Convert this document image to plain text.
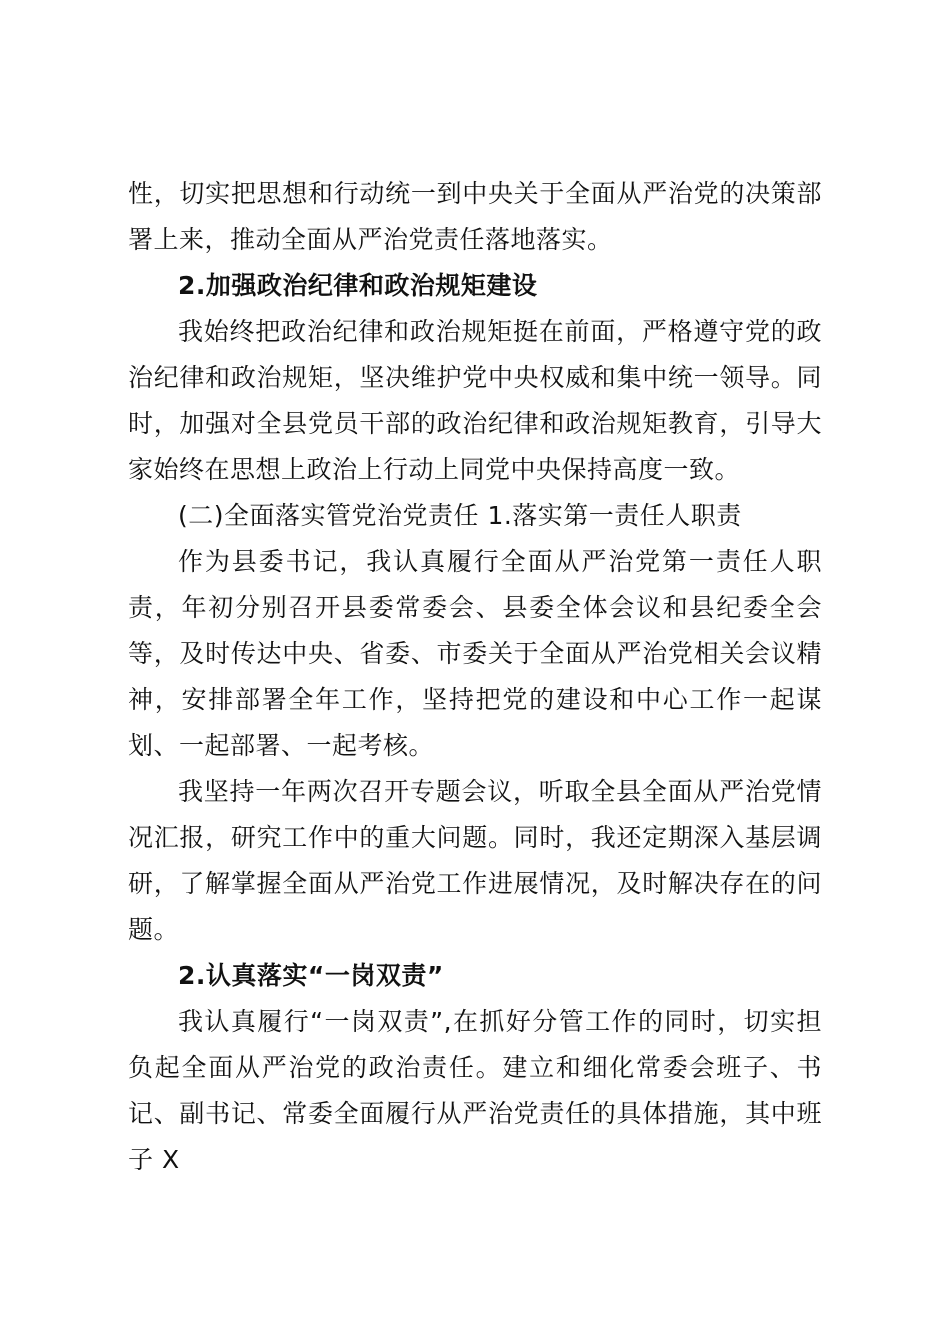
性，切实把思想和行动统一到中央关于全面从严治党的决策部署上来，推动全面从严治党责任落地落实。

2.加强政治纪律和政治规矩建设

我始终把政治纪律和政治规矩挺在前面，严格遵守党的政治纪律和政治规矩，坚决维护党中央权威和集中统一领导。同时，加强对全县党员干部的政治纪律和政治规矩教育，引导大家始终在思想上政治上行动上同党中央保持高度一致。

(二)全面落实管党治党责任 1.落实第一责任人职责

作为县委书记，我认真履行全面从严治党第一责任人职责，年初分别召开县委常委会、县委全体会议和县纪委全会等，及时传达中央、省委、市委关于全面从严治党相关会议精神，安排部署全年工作，坚持把党的建设和中心工作一起谋划、一起部署、一起考核。

我坚持一年两次召开专题会议，听取全县全面从严治党情况汇报，研究工作中的重大问题。同时，我还定期深入基层调研，了解掌握全面从严治党工作进展情况，及时解决存在的问题。

2.认真落实“一岗双责”

我认真履行“一岗双责”,在抓好分管工作的同时，切实担负起全面从严治党的政治责任。建立和细化常委会班子、书记、副书记、常委全面履行从严治党责任的具体措施，其中班子 X
